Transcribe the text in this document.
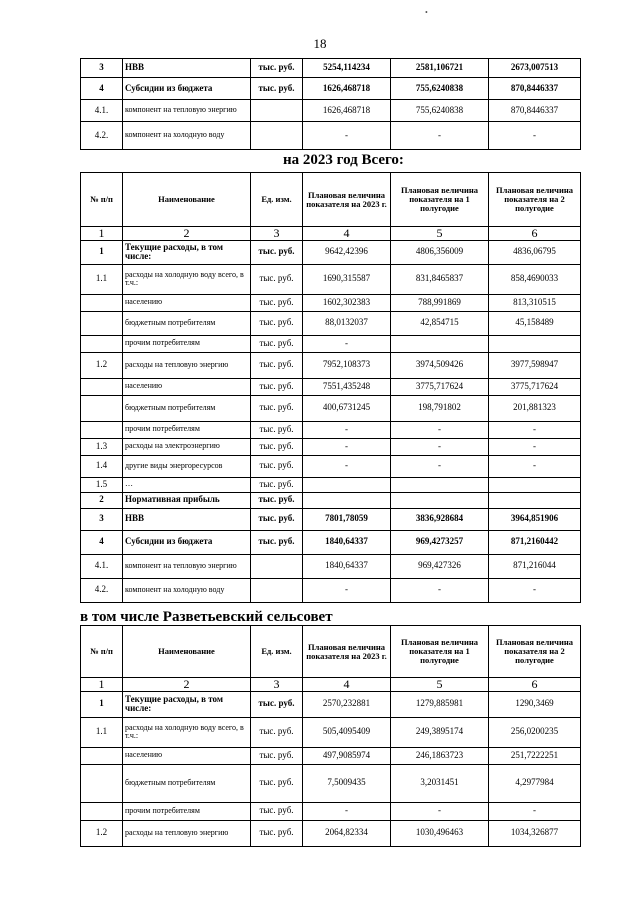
•
18
3	НВВ	тыс. руб.	5254,114234	2581,106721	2673,007513
4	Субсидии из бюджета	тыс. руб.	1626,468718	755,6240838	870,8446337
4.1.	компонент на тепловую энергию		1626,468718	755,6240838	870,8446337
4.2.	компонент на холодную воду		-	-	-
на 2023 год Всего:
№ п/п	Наименование	Ед. изм.	Плановая величина показателя на 2023 г.	Плановая величина показателя на 1 полугодие	Плановая величина показателя на 2 полугодие
1	2	3	4	5	6
1	Текущие расходы, в том числе:	тыс. руб.	9642,42396	4806,356009	4836,06795
1.1	расходы на холодную воду всего, в т.ч.:	тыс. руб.	1690,315587	831,8465837	858,4690033
	населению	тыс. руб.	1602,302383	788,991869	813,310515
	бюджетным потребителям	тыс. руб.	88,0132037	42,854715	45,158489
	прочим потребителям	тыс. руб.	-		
1.2	расходы на тепловую энергию	тыс. руб.	7952,108373	3974,509426	3977,598947
	населению	тыс. руб.	7551,435248	3775,717624	3775,717624
	бюджетным потребителям	тыс. руб.	400,6731245	198,791802	201,881323
	прочим потребителям	тыс. руб.	-	-	-
1.3	расходы на электроэнергию	тыс. руб.	-	-	-
1.4	другие виды энергоресурсов	тыс. руб.	-	-	-
1.5	…	тыс. руб.			
2	Нормативная прибыль	тыс. руб.			
3	НВВ	тыс. руб.	7801,78059	3836,928684	3964,851906
4	Субсидии из бюджета	тыс. руб.	1840,64337	969,4273257	871,2160442
4.1.	компонент на тепловую энергию		1840,64337	969,427326	871,216044
4.2.	компонент на холодную воду		-	-	-
в том числе Разветьевский сельсовет
№ п/п	Наименование	Ед. изм.	Плановая величина показателя на 2023 г.	Плановая величина показателя на 1 полугодие	Плановая величина показателя на 2 полугодие
1	2	3	4	5	6
1	Текущие расходы, в том числе:	тыс. руб.	2570,232881	1279,885981	1290,3469
1.1	расходы на холодную воду всего, в т.ч.:	тыс. руб.	505,4095409	249,3895174	256,0200235
	населению	тыс. руб.	497,9085974	246,1863723	251,7222251
	бюджетным потребителям	тыс. руб.	7,5009435	3,2031451	4,2977984
	прочим потребителям	тыс. руб.	-	-	-
1.2	расходы на тепловую энергию	тыс. руб.	2064,82334	1030,496463	1034,326877
